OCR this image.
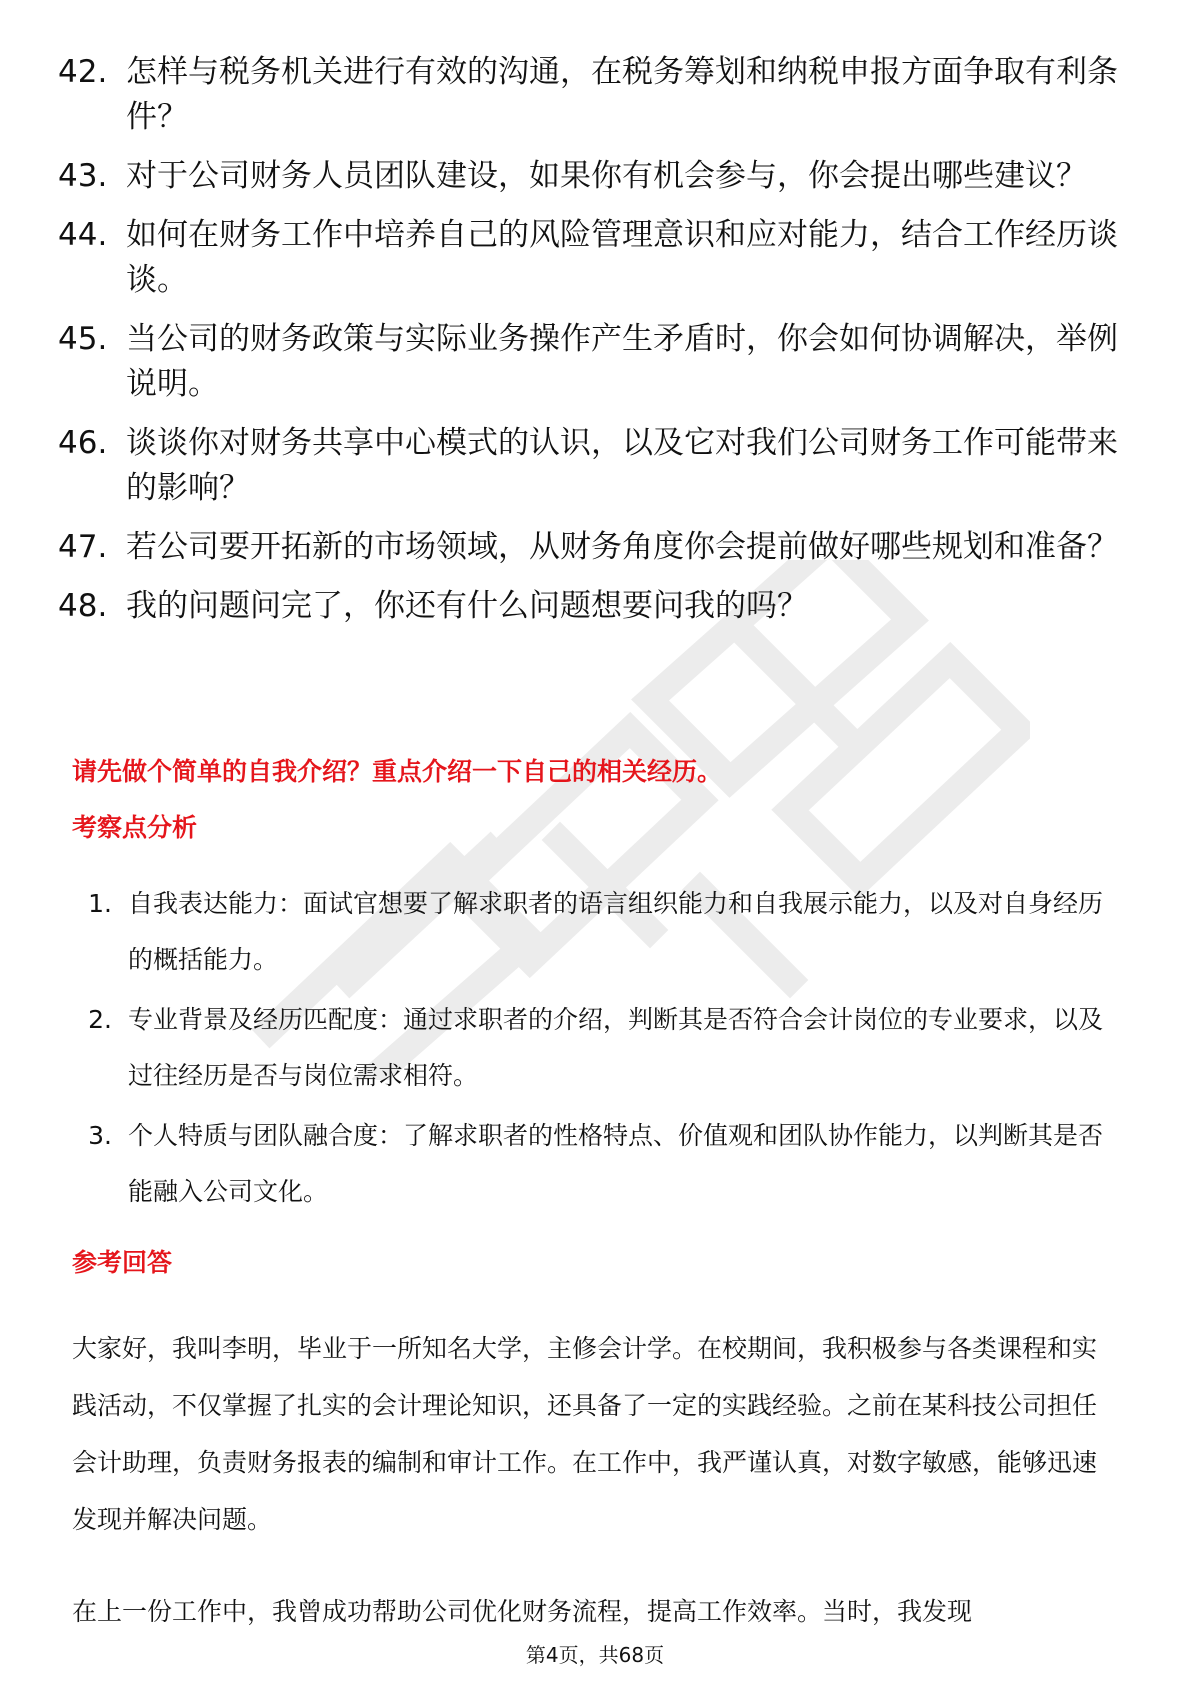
42. 怎样与税务机关进行有效的沟通，在税务筹划和纳税申报方面争取有利条件？
43. 对于公司财务人员团队建设，如果你有机会参与，你会提出哪些建议？
44. 如何在财务工作中培养自己的风险管理意识和应对能力，结合工作经历谈谈。
45. 当公司的财务政策与实际业务操作产生矛盾时，你会如何协调解决，举例说明。
46. 谈谈你对财务共享中心模式的认识，以及它对我们公司财务工作可能带来的影响？
47. 若公司要开拓新的市场领域，从财务角度你会提前做好哪些规划和准备？
48. 我的问题问完了，你还有什么问题想要问我的吗？
请先做个简单的自我介绍？重点介绍一下自己的相关经历。
考察点分析
1. 自我表达能力：面试官想要了解求职者的语言组织能力和自我展示能力，以及对自身经历的概括能力。
2. 专业背景及经历匹配度：通过求职者的介绍，判断其是否符合会计岗位的专业要求，以及过往经历是否与岗位需求相符。
3. 个人特质与团队融合度：了解求职者的性格特点、价值观和团队协作能力，以判断其是否能融入公司文化。
参考回答
大家好，我叫李明，毕业于一所知名大学，主修会计学。在校期间，我积极参与各类课程和实践活动，不仅掌握了扎实的会计理论知识，还具备了一定的实践经验。之前在某科技公司担任会计助理，负责财务报表的编制和审计工作。在工作中，我严谨认真，对数字敏感，能够迅速发现并解决问题。
在上一份工作中，我曾成功帮助公司优化财务流程，提高工作效率。当时，我发现
第4页，共68页
